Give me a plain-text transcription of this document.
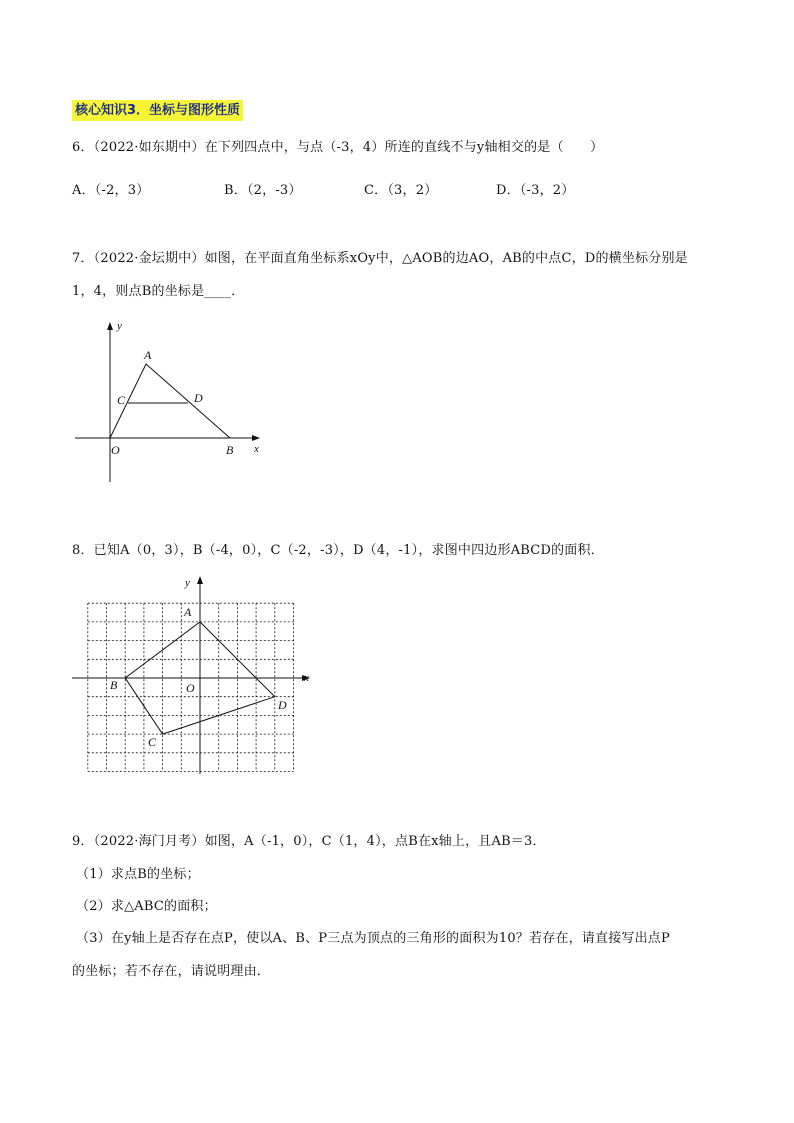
核心知识3．坐标与图形性质
6．（2022·如东期中）在下列四点中，与点（-3，4）所连的直线不与y轴相交的是（　　）
A．（-2，3）	B．（2，-3）	C．（3，2）	D．（-3，2）
7．（2022·金坛期中）如图，在平面直角坐标系xOy中，△AOB的边AO，AB的中点C，D的横坐标分别是
1，4，则点B的坐标是____．
y
x
O
A
B
C	D
8．已知A（0，3），B（-4，0），C（-2，-3），D（4，-1），求图中四边形ABCD的面积．
y
x
O
A
B
C
D
9．（2022·海门月考）如图，A（-1，0），C（1，4），点B在x轴上，且AB＝3．
（1）求点B的坐标；
（2）求△ABC的面积；
（3）在y轴上是否存在点P，使以A、B、P三点为顶点的三角形的面积为10？若存在，请直接写出点P
的坐标；若不存在，请说明理由．
